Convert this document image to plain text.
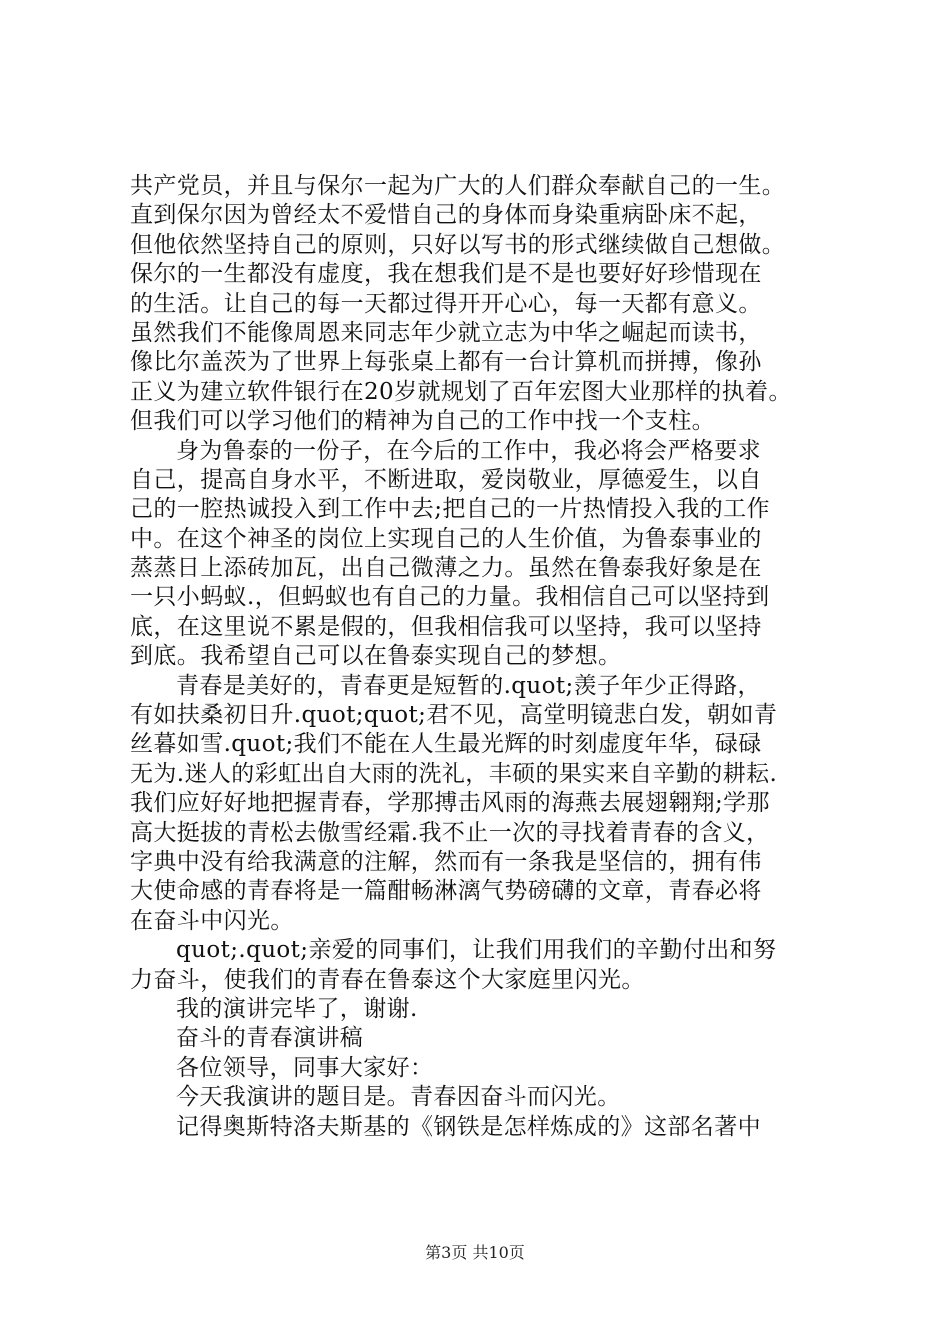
共产党员，并且与保尔一起为广大的人们群众奉献自己的一生。
直到保尔因为曾经太不爱惜自己的身体而身染重病卧床不起，
但他依然坚持自己的原则，只好以写书的形式继续做自己想做。
保尔的一生都没有虚度，我在想我们是不是也要好好珍惜现在
的生活。让自己的每一天都过得开开心心，每一天都有意义。
虽然我们不能像周恩来同志年少就立志为中华之崛起而读书，
像比尔盖茨为了世界上每张桌上都有一台计算机而拼搏，像孙
正义为建立软件银行在20岁就规划了百年宏图大业那样的执着。
但我们可以学习他们的精神为自己的工作中找一个支柱。
身为鲁泰的一份子，在今后的工作中，我必将会严格要求
自己，提高自身水平，不断进取，爱岗敬业，厚德爱生，以自
己的一腔热诚投入到工作中去;把自己的一片热情投入我的工作
中。在这个神圣的岗位上实现自己的人生价值，为鲁泰事业的
蒸蒸日上添砖加瓦，出自己微薄之力。虽然在鲁泰我好象是在
一只小蚂蚁.，但蚂蚁也有自己的力量。我相信自己可以坚持到
底，在这里说不累是假的，但我相信我可以坚持，我可以坚持
到底。我希望自己可以在鲁泰实现自己的梦想。
青春是美好的，青春更是短暂的.quot;羡子年少正得路，
有如扶桑初日升.quot;quot;君不见，高堂明镜悲白发，朝如青
丝暮如雪.quot;我们不能在人生最光辉的时刻虚度年华，碌碌
无为.迷人的彩虹出自大雨的洗礼，丰硕的果实来自辛勤的耕耘.
我们应好好地把握青春，学那搏击风雨的海燕去展翅翱翔;学那
高大挺拔的青松去傲雪经霜.我不止一次的寻找着青春的含义，
字典中没有给我满意的注解，然而有一条我是坚信的，拥有伟
大使命感的青春将是一篇酣畅淋漓气势磅礴的文章，青春必将
在奋斗中闪光。
quot;.quot;亲爱的同事们，让我们用我们的辛勤付出和努
力奋斗，使我们的青春在鲁泰这个大家庭里闪光。
我的演讲完毕了，谢谢.
奋斗的青春演讲稿
各位领导，同事大家好：
今天我演讲的题目是。青春因奋斗而闪光。
记得奥斯特洛夫斯基的《钢铁是怎样炼成的》这部名著中
第3页 共10页
